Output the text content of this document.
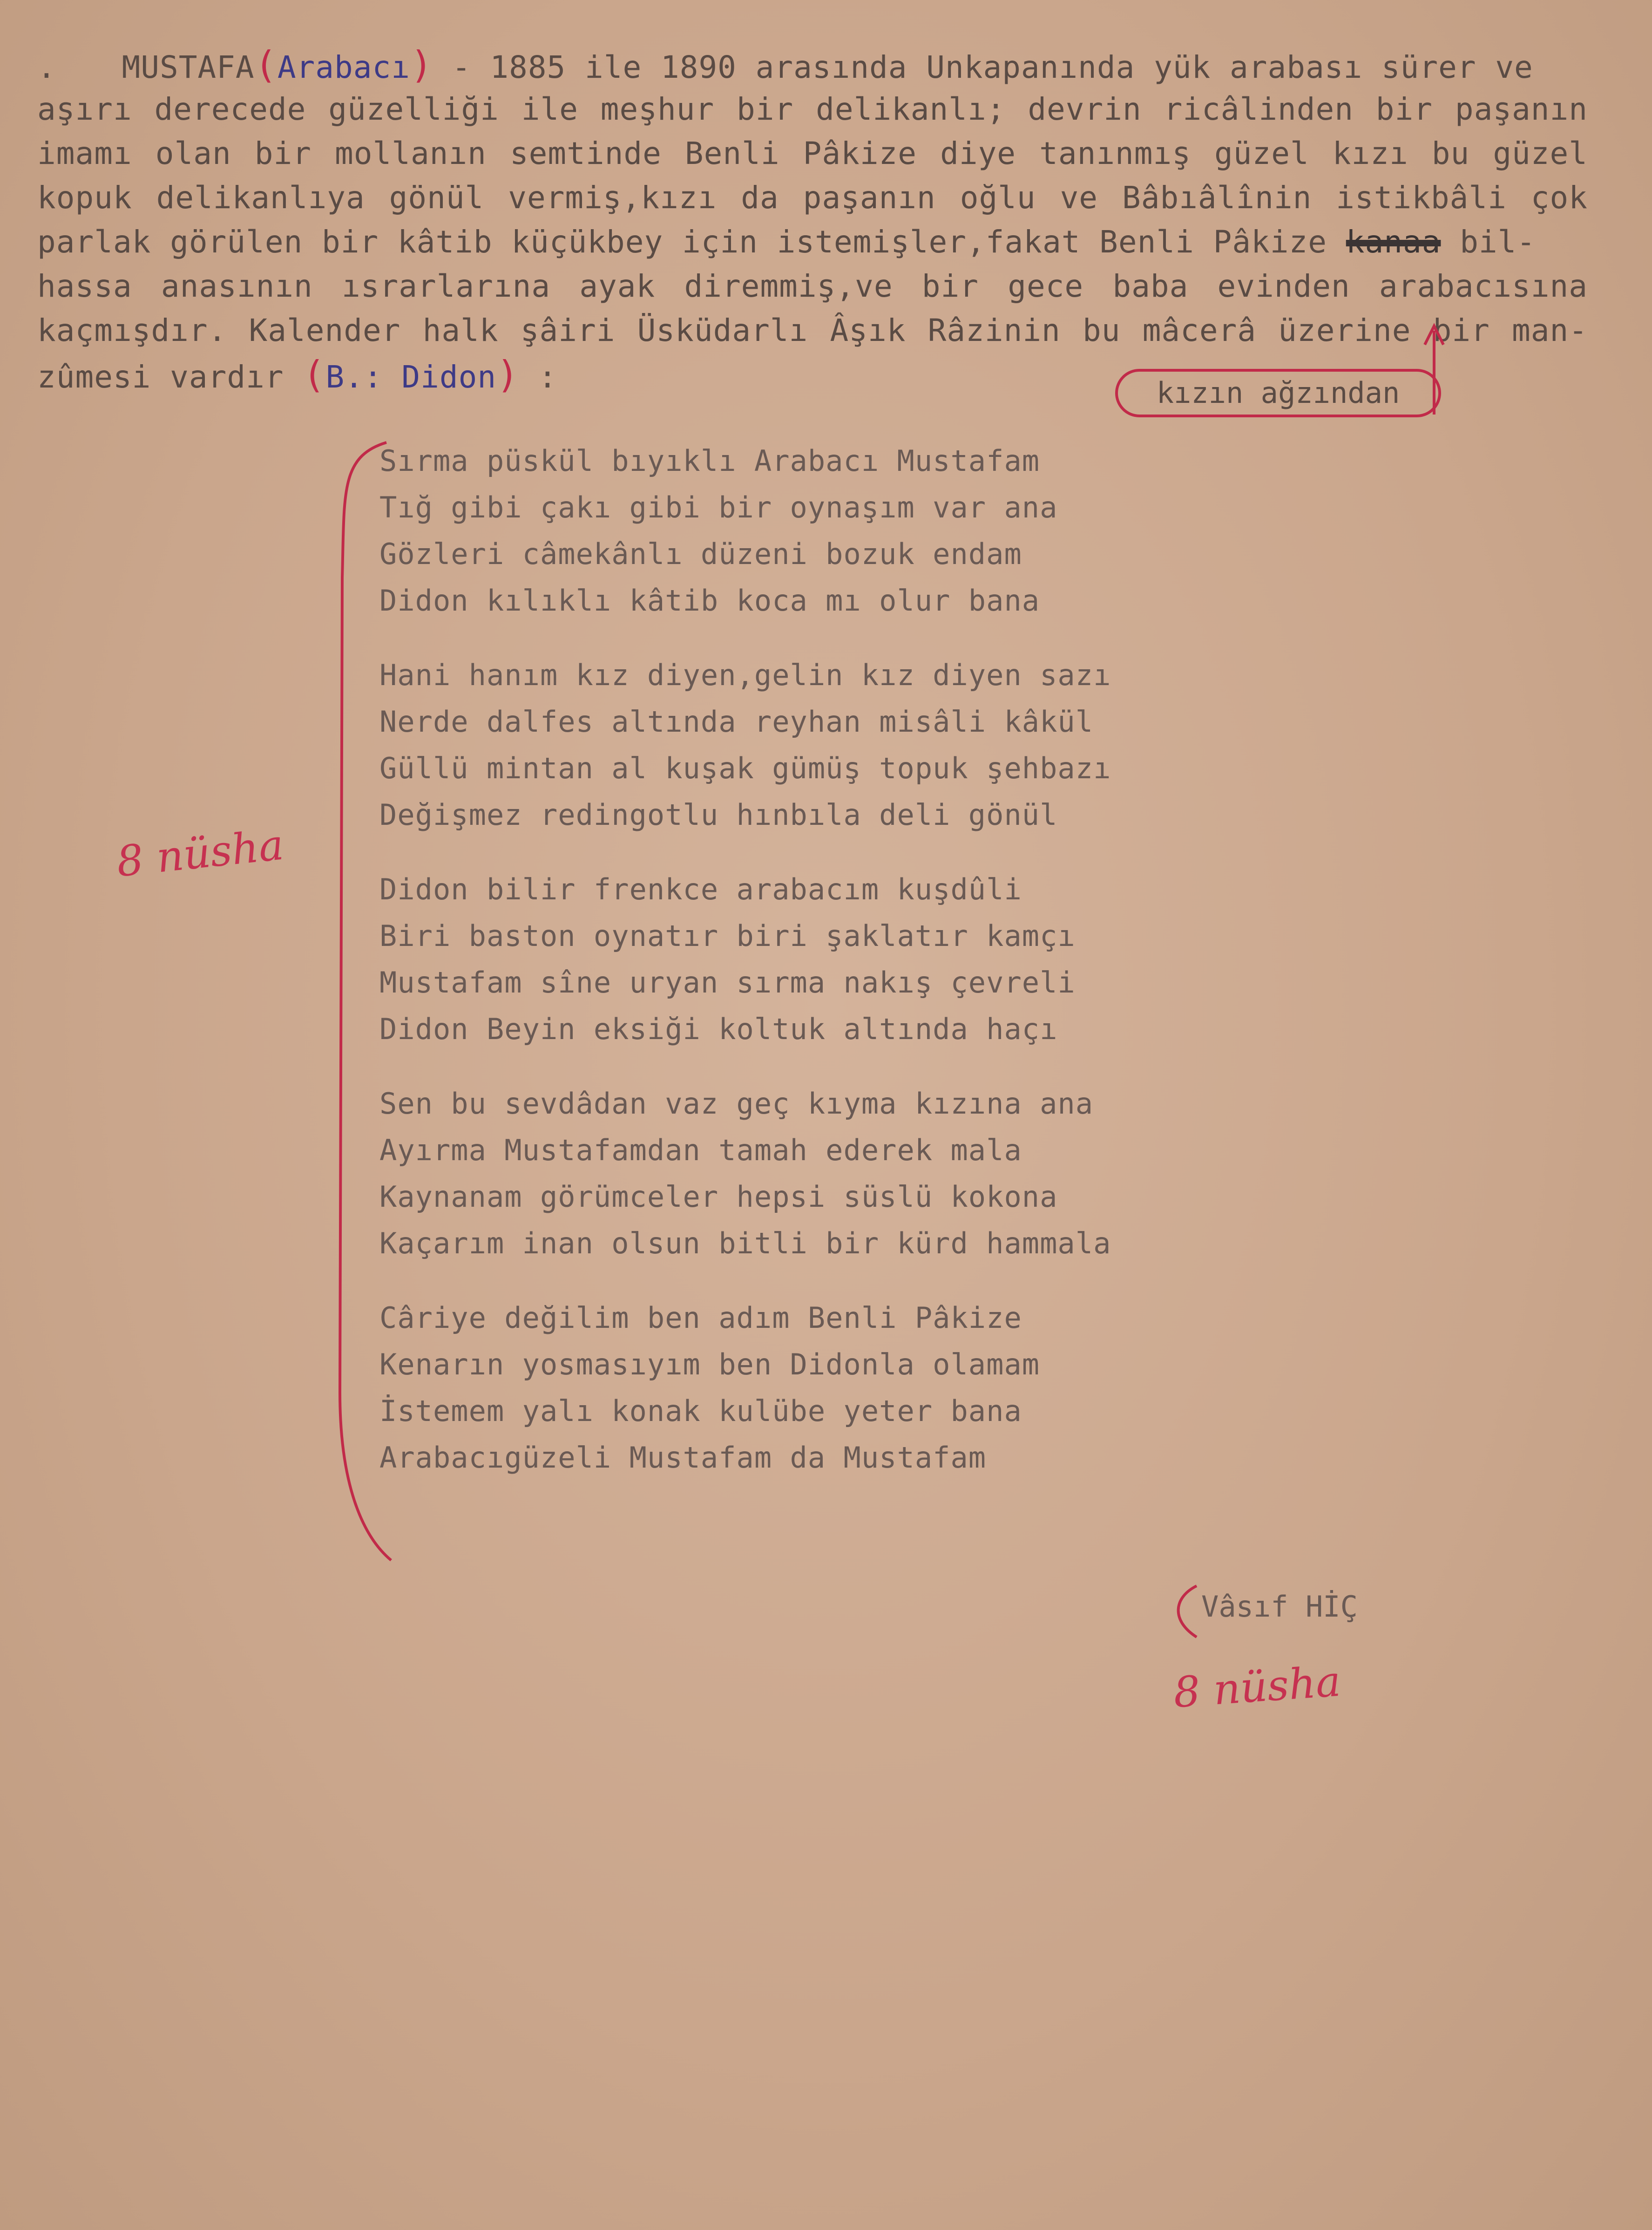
. MUSTAFA(Arabacı) - 1885 ile 1890 arasında Unkapanında yük arabası sürer ve
aşırı derecede güzelliği ile meşhur bir delikanlı; devrin ricâlinden bir paşanın
imamı olan bir mollanın semtinde Benli Pâkize diye tanınmış güzel kızı bu güzel
kopuk delikanlıya gönül vermiş,kızı da paşanın oğlu ve Bâbıâlînin istikbâli çok
parlak görülen bir kâtib küçükbey için istemişler,fakat Benli Pâkize kanaa bil-
hassa anasının ısrarlarına ayak diremmiş,ve bir gece baba evinden arabacısına
kaçmışdır. Kalender halk şâiri Üsküdarlı Âşık Râzinin bu mâcerâ üzerine bir man-
zûmesi vardır (B.: Didon) :	kızın ağzından
8 nüsha
Sırma püskül bıyıklı Arabacı Mustafam
Tığ gibi çakı gibi bir oynaşım var ana
Gözleri câmekânlı düzeni bozuk endam
Didon kılıklı kâtib koca mı olur bana
Hani hanım kız diyen,gelin kız diyen sazı
Nerde dalfes altında reyhan misâli kâkül
Güllü mintan al kuşak gümüş topuk şehbazı
Değişmez redingotlu hınbıla deli gönül
Didon bilir frenkce arabacım kuşdûli
Biri baston oynatır biri şaklatır kamçı
Mustafam sîne uryan sırma nakış çevreli
Didon Beyin eksiği koltuk altında haçı
Sen bu sevdâdan vaz geç kıyma kızına ana
Ayırma Mustafamdan tamah ederek mala
Kaynanam görümceler hepsi süslü kokona
Kaçarım inan olsun bitli bir kürd hammala
Câriye değilim ben adım Benli Pâkize
Kenarın yosmasıyım ben Didonla olamam
İstemem yalı konak kulübe yeter bana
Arabacıgüzeli Mustafam da Mustafam
Vâsıf HİÇ
8 nüsha
